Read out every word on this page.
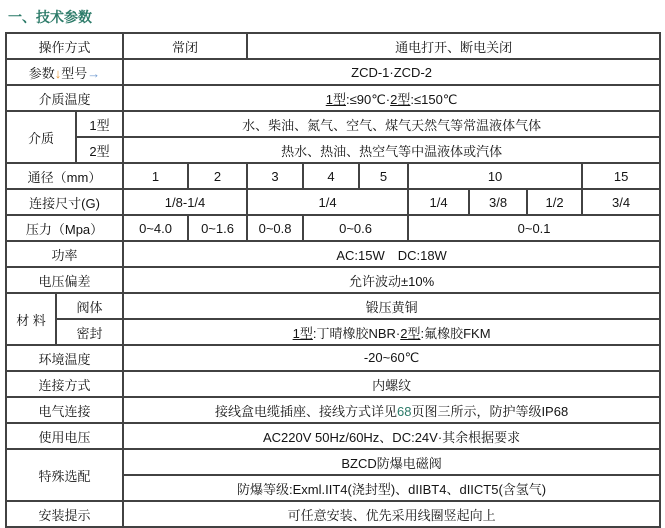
一、技术参数
操作方式			常闭		通电打开、断电关闭						
参数↓型号→			ZCD-1·ZCD-2								
介质温度			1型:≤90℃·2型:≤150℃								
介质		1型	水、柴油、氮气、空气、煤气天然气等常温液体气体								
		2型	热水、热油、热空气等中温液体或汽体								
通径（mm）			1	2	3	4	5	10			15
连接尺寸(G)			1/8-1/4		1/4			1/4	3/8	1/2	3/4
压力（Mpa）			0~4.0	0~1.6	0~0.8	0~0.6		0~0.1			
功率			AC:15W　DC:18W								
电压偏差			允许波动±10%								
材 料	阀体		锻压黄铜								
	密封		1型:丁晴橡胶NBR·2型:氟橡胶FKM								
环境温度			-20~60℃								
连接方式			内螺纹								
电气连接			接线盒电缆插座、接线方式详见68页图三所示，防护等级IP68								
使用电压			AC220V 50Hz/60Hz、DC:24V·其余根据要求								
特殊选配			BZCD防爆电磁阀								
			防爆等级:Exml.IIT4(浇封型)、dIIBT4、dIICT5(含氢气)								
安装提示			可任意安装、优先采用线圈竖起向上								
